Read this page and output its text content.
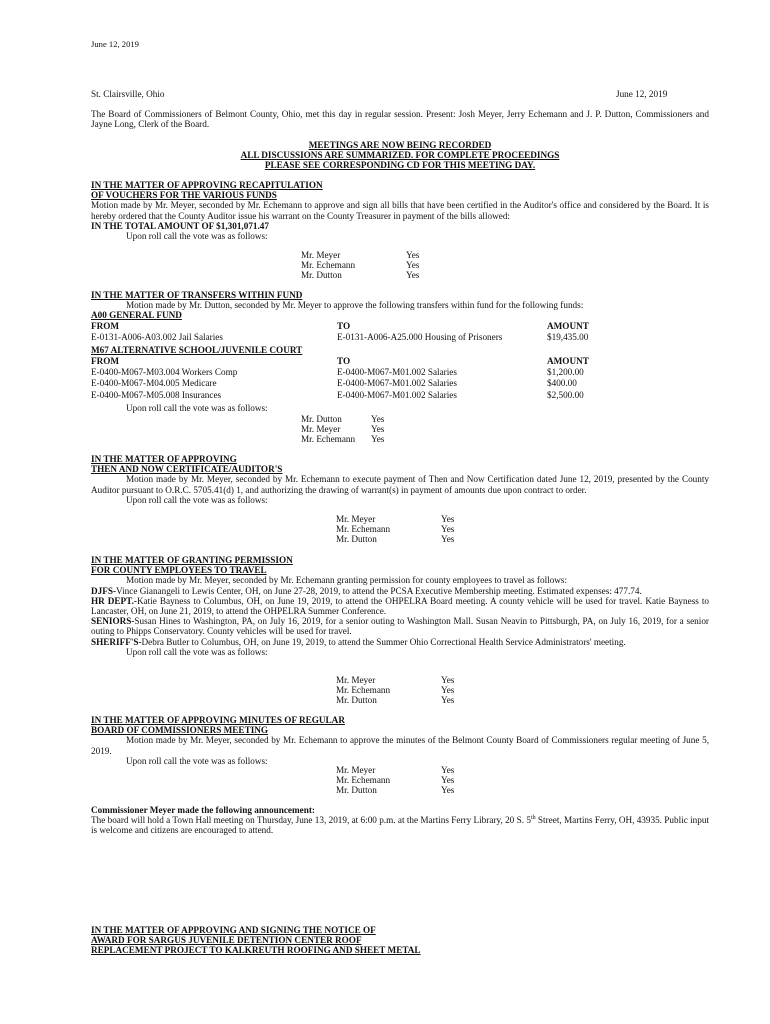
June 12, 2019
St. Clairsville, Ohio	June 12, 2019
The Board of Commissioners of Belmont County, Ohio, met this day in regular session. Present: Josh Meyer, Jerry Echemann and J. P. Dutton, Commissioners and Jayne Long, Clerk of the Board.
MEETINGS ARE NOW BEING RECORDED
ALL DISCUSSIONS ARE SUMMARIZED. FOR COMPLETE PROCEEDINGS
PLEASE SEE CORRESPONDING CD FOR THIS MEETING DAY.
IN THE MATTER OF APPROVING RECAPITULATION
OF VOUCHERS FOR THE VARIOUS FUNDS
Motion made by Mr. Meyer, seconded by Mr. Echemann to approve and sign all bills that have been certified in the Auditor's office and considered by the Board. It is hereby ordered that the County Auditor issue his warrant on the County Treasurer in payment of the bills allowed:
IN THE TOTAL AMOUNT OF $1,301,071.47
Upon roll call the vote was as follows:
Mr. Meyer	Yes
Mr. Echemann	Yes
Mr. Dutton	Yes
IN THE MATTER OF TRANSFERS WITHIN FUND
Motion made by Mr. Dutton, seconded by Mr. Meyer to approve the following transfers within fund for the following funds:
A00 GENERAL FUND
FROM	TO	AMOUNT
E-0131-A006-A03.002 Jail Salaries	E-0131-A006-A25.000 Housing of Prisoners	$19,435.00
M67 ALTERNATIVE SCHOOL/JUVENILE COURT
FROM	TO	AMOUNT
E-0400-M067-M03.004 Workers Comp	E-0400-M067-M01.002 Salaries	$1,200.00
E-0400-M067-M04.005 Medicare	E-0400-M067-M01.002 Salaries	$400.00
E-0400-M067-M05.008 Insurances	E-0400-M067-M01.002 Salaries	$2,500.00
Upon roll call the vote was as follows:
Mr. Dutton	Yes
Mr. Meyer	Yes
Mr. Echemann	Yes
IN THE MATTER OF APPROVING
THEN AND NOW CERTIFICATE/AUDITOR'S
Motion made by Mr. Meyer, seconded by Mr. Echemann to execute payment of Then and Now Certification dated June 12, 2019, presented by the County Auditor pursuant to O.R.C. 5705.41(d) 1, and authorizing the drawing of warrant(s) in payment of amounts due upon contract to order.
Upon roll call the vote was as follows:
Mr. Meyer	Yes
Mr. Echemann	Yes
Mr. Dutton	Yes
IN THE MATTER OF GRANTING PERMISSION
FOR COUNTY EMPLOYEES TO TRAVEL
Motion made by Mr. Meyer, seconded by Mr. Echemann granting permission for county employees to travel as follows:
DJFS-Vince Gianangeli to Lewis Center, OH, on June 27-28, 2019, to attend the PCSA Executive Membership meeting. Estimated expenses: 477.74.
HR DEPT.-Katie Bayness to Columbus, OH, on June 19, 2019, to attend the OHPELRA Board meeting. A county vehicle will be used for travel. Katie Bayness to Lancaster, OH, on June 21, 2019, to attend the OHPELRA Summer Conference.
SENIORS-Susan Hines to Washington, PA, on July 16, 2019, for a senior outing to Washington Mall. Susan Neavin to Pittsburgh, PA, on July 16, 2019, for a senior outing to Phipps Conservatory. County vehicles will be used for travel.
SHERIFF'S-Debra Butler to Columbus, OH, on June 19, 2019, to attend the Summer Ohio Correctional Health Service Administrators' meeting.
Upon roll call the vote was as follows:
Mr. Meyer	Yes
Mr. Echemann	Yes
Mr. Dutton	Yes
IN THE MATTER OF APPROVING MINUTES OF REGULAR
BOARD OF COMMISSIONERS MEETING
Motion made by Mr. Meyer, seconded by Mr. Echemann to approve the minutes of the Belmont County Board of Commissioners regular meeting of June 5, 2019.
Upon roll call the vote was as follows:
Mr. Meyer	Yes
Mr. Echemann	Yes
Mr. Dutton	Yes
Commissioner Meyer made the following announcement:
The board will hold a Town Hall meeting on Thursday, June 13, 2019, at 6:00 p.m. at the Martins Ferry Library, 20 S. 5th Street, Martins Ferry, OH, 43935. Public input is welcome and citizens are encouraged to attend.
IN THE MATTER OF APPROVING AND SIGNING THE NOTICE OF
AWARD FOR SARGUS JUVENILE DETENTION CENTER ROOF
REPLACEMENT PROJECT TO KALKREUTH ROOFING AND SHEET METAL
